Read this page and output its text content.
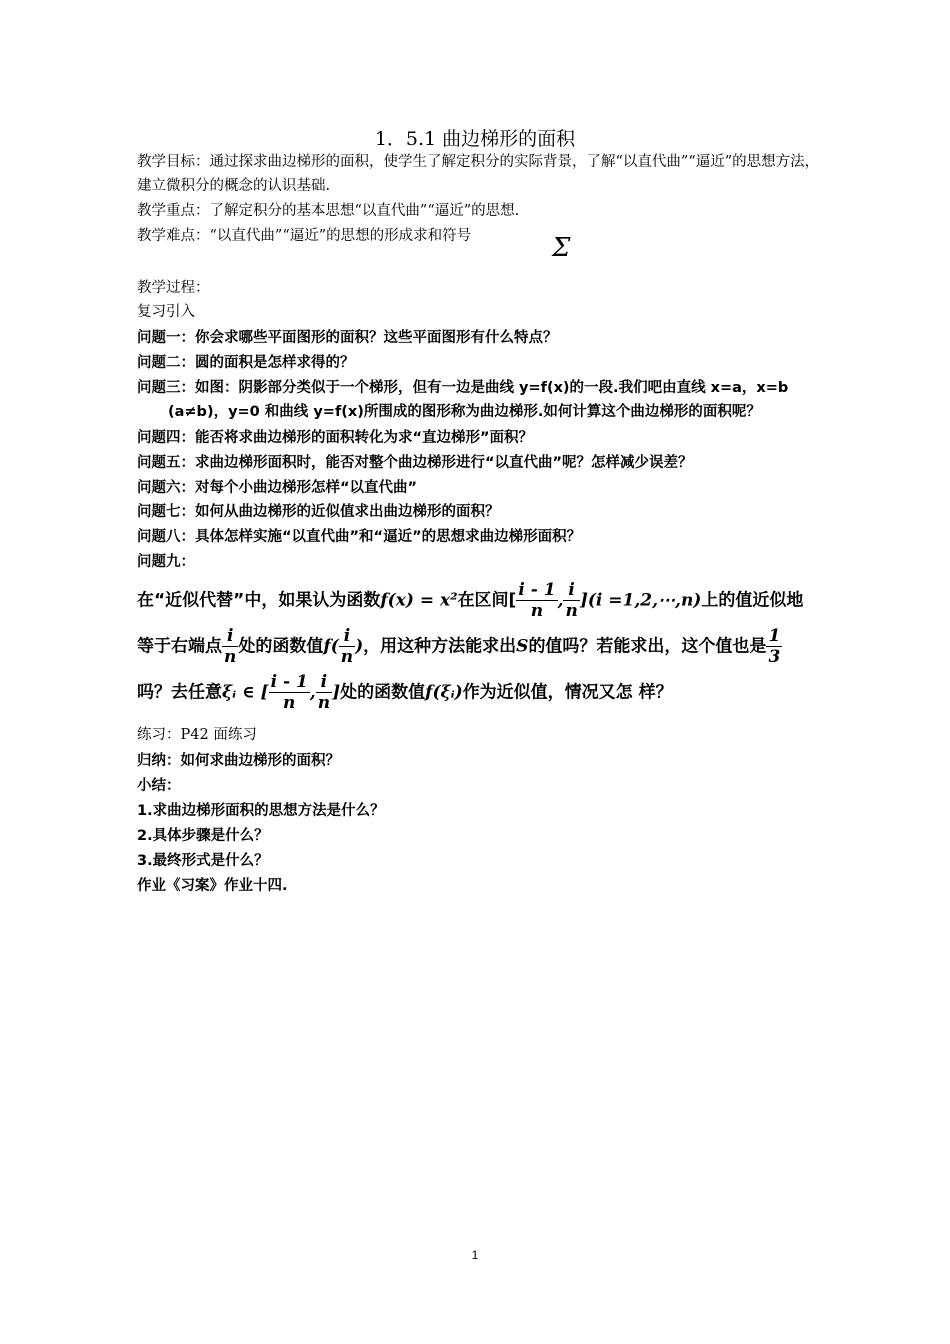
1．5.1 曲边梯形的面积
教学目标：通过探求曲边梯形的面积，使学生了解定积分的实际背景，了解“以直代曲”“逼近”的思想方法，建立微积分的概念的认识基础.
教学重点：了解定积分的基本思想“以直代曲”“逼近”的思想.
教学难点：“以直代曲”“逼近”的思想的形成求和符号	Σ
教学过程：
复习引入
问题一：你会求哪些平面图形的面积？这些平面图形有什么特点？
问题二：圆的面积是怎样求得的？
问题三：如图：阴影部分类似于一个梯形，但有一边是曲线 y=f(x)的一段.我们吧由直线 x=a，x=b
(a≠b)，y=0 和曲线 y=f(x)所围成的图形称为曲边梯形.如何计算这个曲边梯形的面积呢？
问题四：能否将求曲边梯形的面积转化为求“直边梯形”面积？
问题五：求曲边梯形面积时，能否对整个曲边梯形进行“以直代曲”呢？怎样减少误差？
问题六：对每个小曲边梯形怎样“以直代曲”
问题七：如何从曲边梯形的近似值求出曲边梯形的面积？
问题八：具体怎样实施“以直代曲”和“逼近”的思想求曲边梯形面积？
问题九：
在“近似代替”中，如果认为函数f(x) = x²在区间[ $\frac{i - 1}{n}$ , $\frac{i}{n} ](i$ =1,2,⋯,n)上的值近似地
等于右端点 $\frac{i}{n}$ 处的函数值$f( \frac{i}{n}$ )，用这种方法能求出S的值吗？若能求出，这个值也是 $\frac{1}{3}$
吗？去任意ξᵢ ∈ [ $\frac{i - 1}{n}$ , $\frac{i}{n}$ ]处的函数值f(ξᵢ)作为近似值，情况又怎 样？
练习：P42 面练习
归纳：如何求曲边梯形的面积？
小结：
1.求曲边梯形面积的思想方法是什么？
2.具体步骤是什么？
3.最终形式是什么？
作业《习案》作业十四.
1
